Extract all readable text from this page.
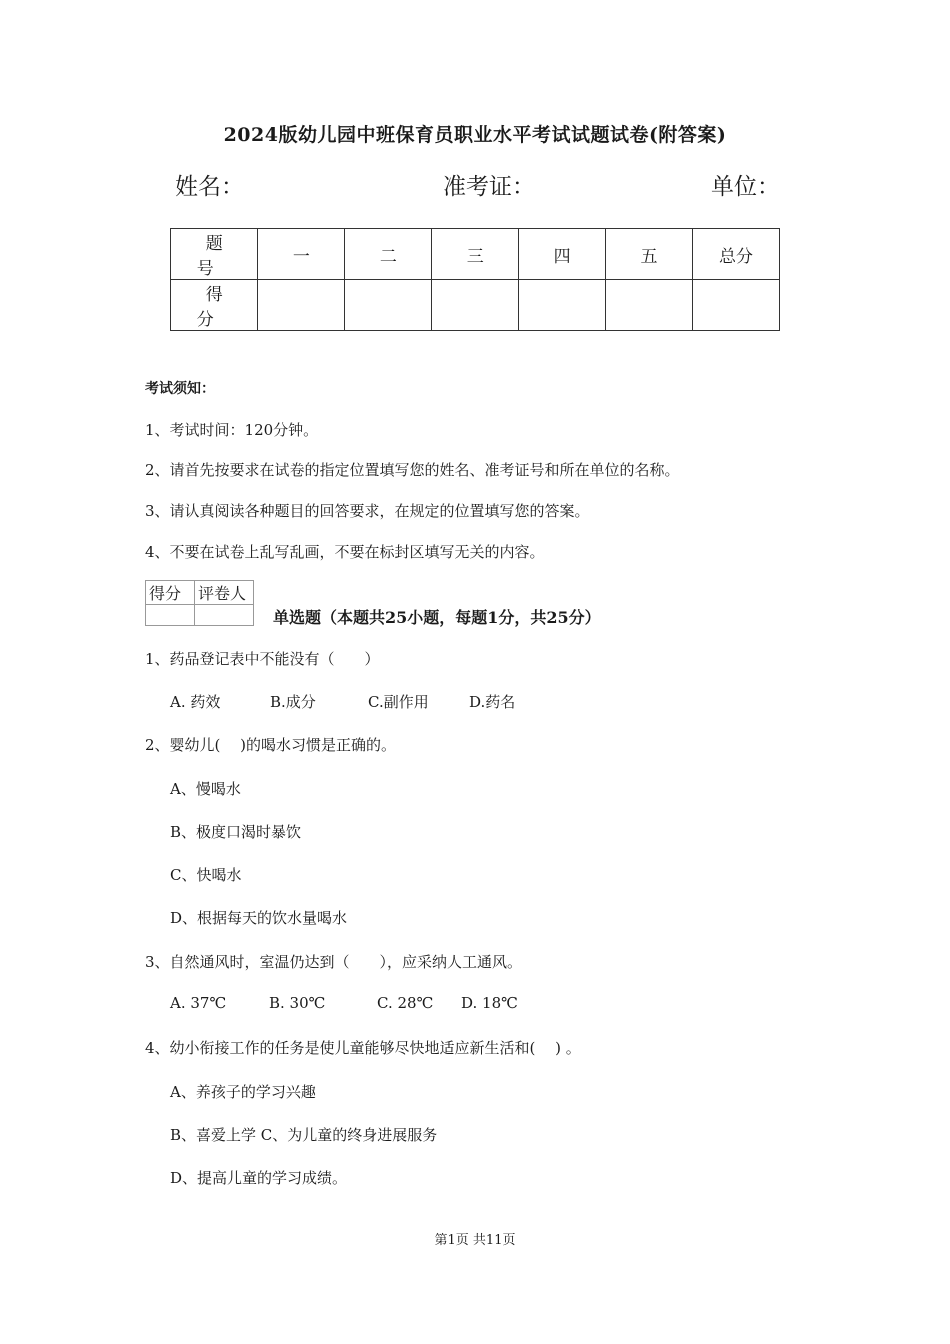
2024版幼儿园中班保育员职业水平考试试题试卷(附答案)
姓名：	准考证：	单位：
题 号	一	二	三	四	五	总分
得 分						
考试须知：
1、考试时间：120分钟。
2、请首先按要求在试卷的指定位置填写您的姓名、准考证号和所在单位的名称。
3、请认真阅读各种题目的回答要求，在规定的位置填写您的答案。
4、不要在试卷上乱写乱画，不要在标封区填写无关的内容。
得分	评卷人

单选题（本题共25小题，每题1分，共25分）
1、药品登记表中不能没有（　　）
A. 药效	B.成分	C.副作用	D.药名
2、婴幼儿(　 )的喝水习惯是正确的。
A、慢喝水
B、极度口渴时暴饮
C、快喝水
D、根据每天的饮水量喝水
3、自然通风时，室温仍达到（　　），应采纳人工通风。
A. 37℃	B. 30℃	C. 28℃ D. 18℃
4、幼小衔接工作的任务是使儿童能够尽快地适应新生活和(　 ) 。
A、养孩子的学习兴趣
B、喜爱上学 C、为儿童的终身进展服务
D、提高儿童的学习成绩。
第1页 共11页
